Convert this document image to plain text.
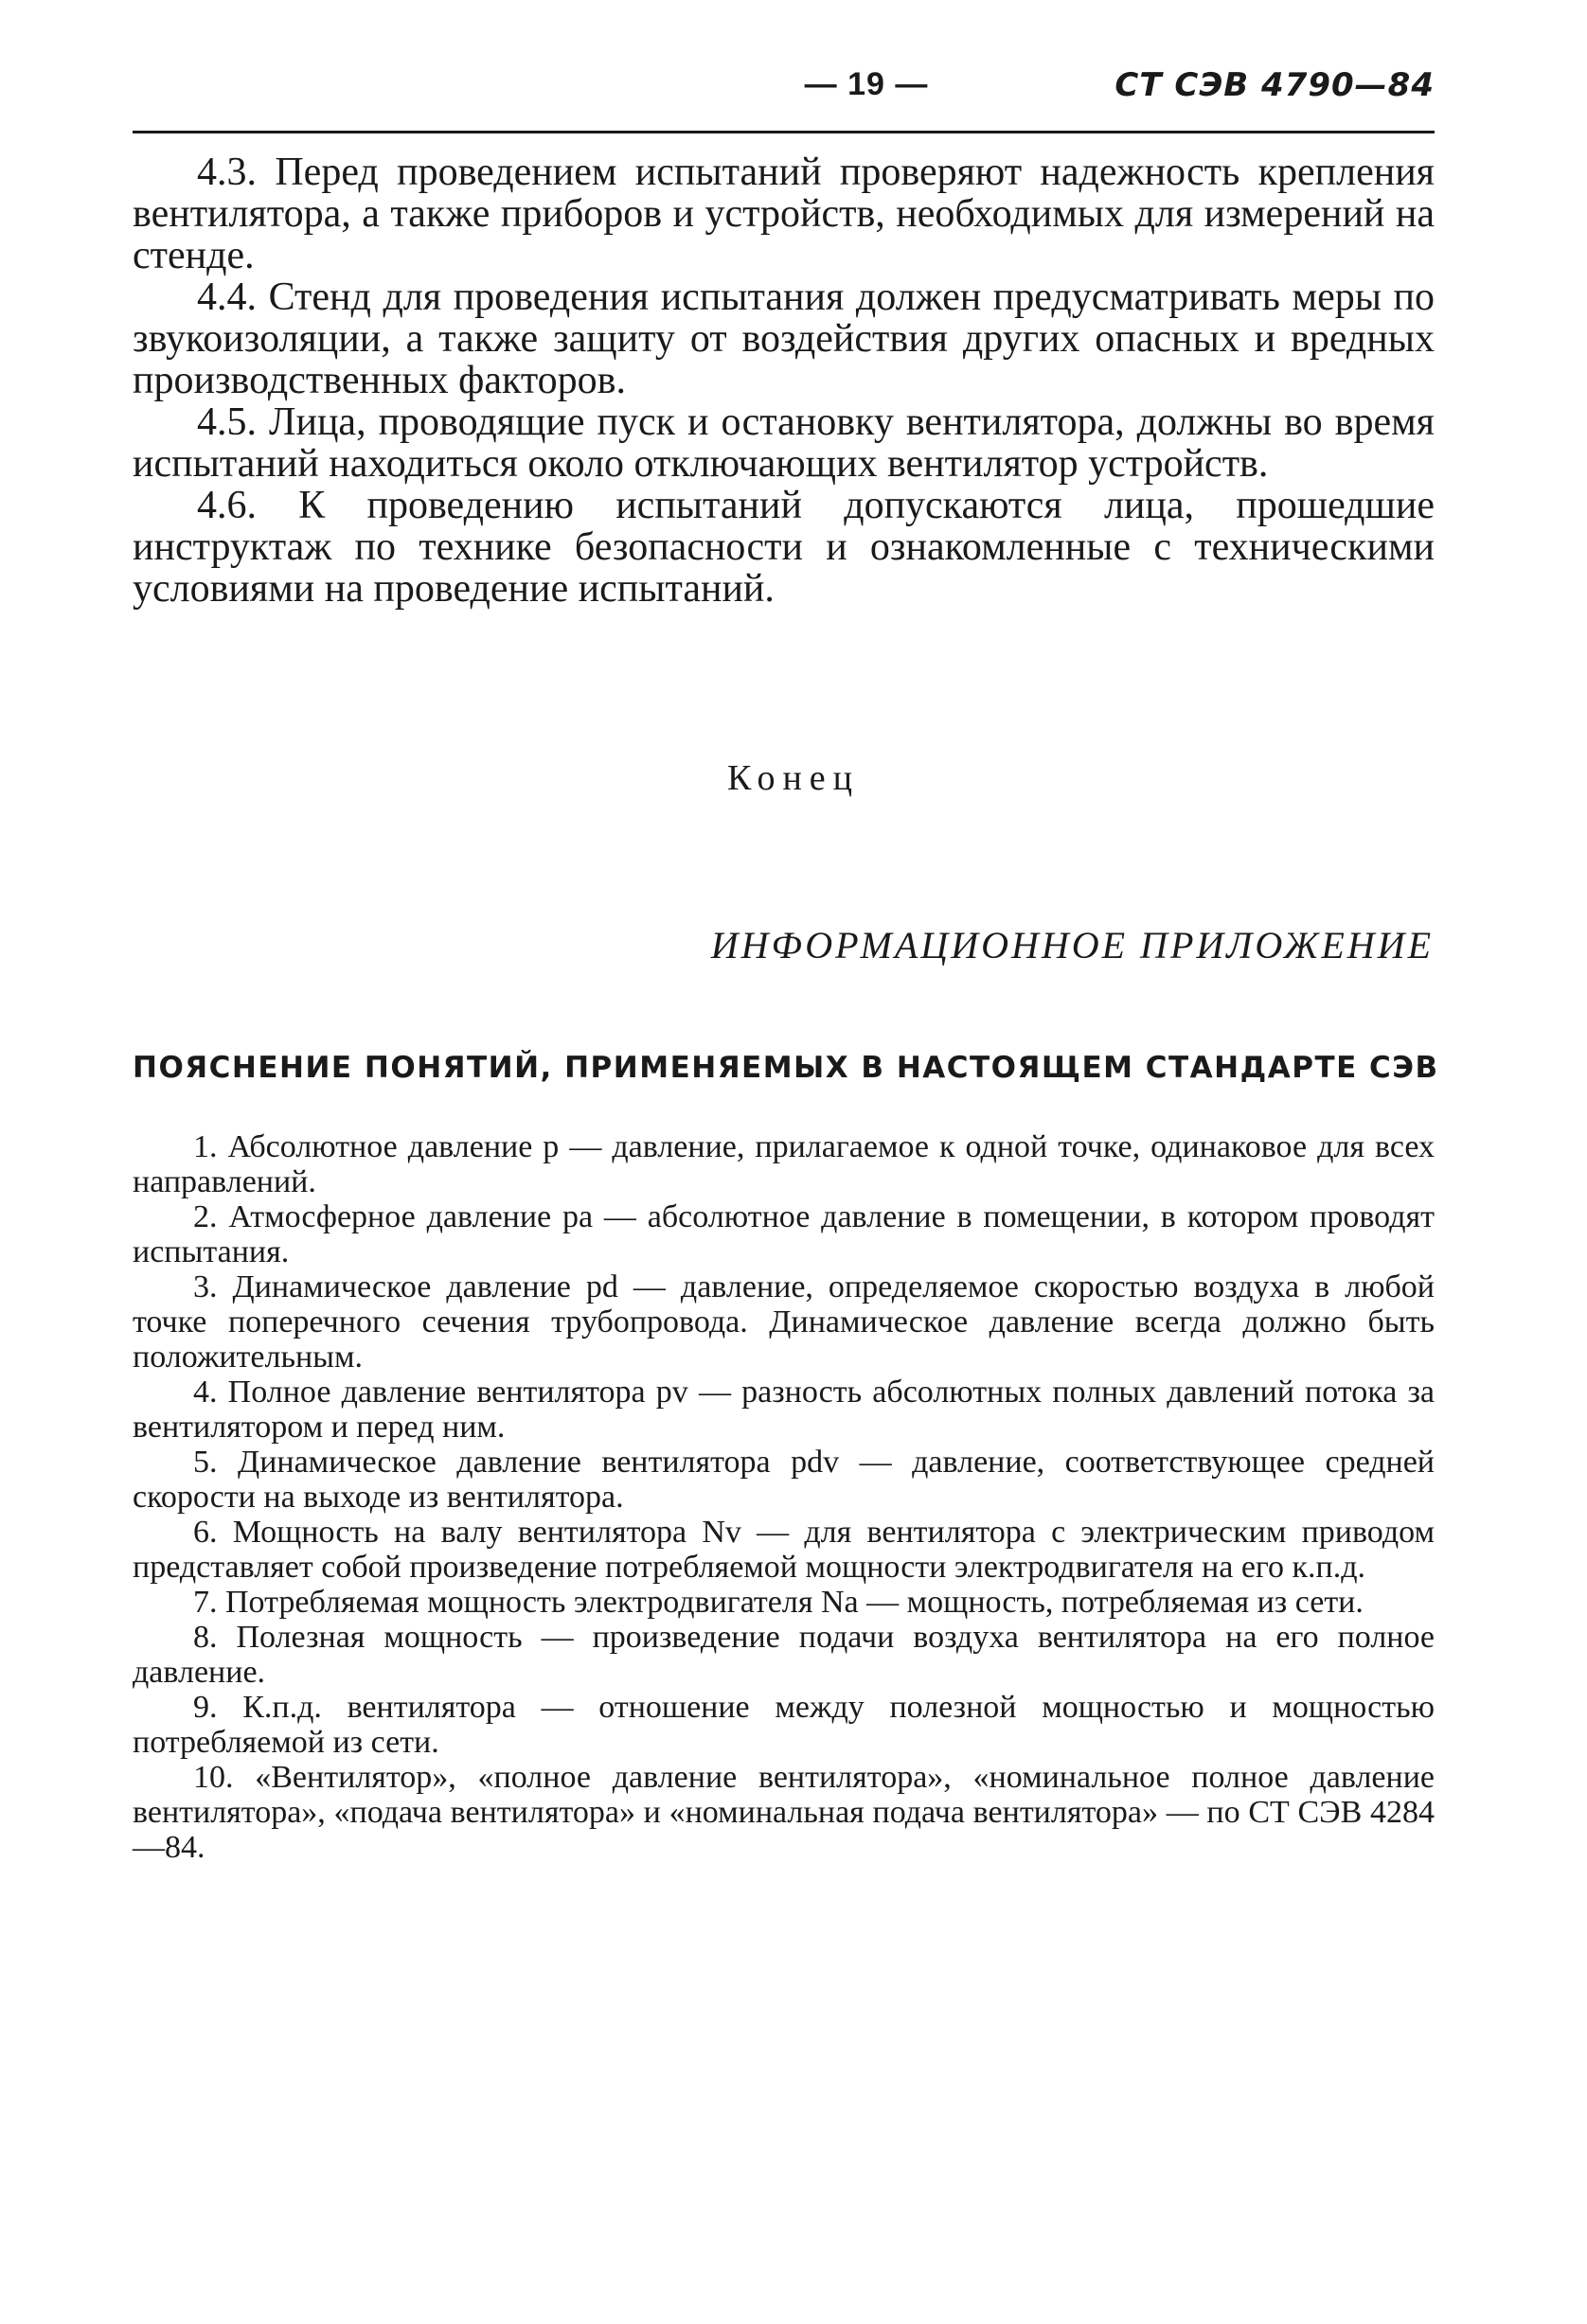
— 19 —	СТ СЭВ 4790—84

4.3. Перед проведением испытаний проверяют надежность крепления вентилятора, а также приборов и устройств, необходимых для измерений на стенде.

4.4. Стенд для проведения испытания должен предусматривать меры по звукоизоляции, а также защиту от воздействия других опасных и вредных производственных факторов.

4.5. Лица, проводящие пуск и остановку вентилятора, должны во время испытаний находиться около отключающих вентилятор устройств.

4.6. К проведению испытаний допускаются лица, прошедшие инструктаж по технике безопасности и ознакомленные с техническими условиями на проведение испытаний.

Конец
ИНФОРМАЦИОННОЕ ПРИЛОЖЕНИЕ
ПОЯСНЕНИЕ ПОНЯТИЙ, ПРИМЕНЯЕМЫХ В НАСТОЯЩЕМ СТАНДАРТЕ СЭВ

1. Абсолютное давление p — давление, прилагаемое к одной точке, одинаковое для всех направлений.

2. Атмосферное давление pa — абсолютное давление в помещении, в котором проводят испытания.

3. Динамическое давление pd — давление, определяемое скоростью воздуха в любой точке поперечного сечения трубопровода. Динамическое давление всегда должно быть положительным.

4. Полное давление вентилятора pv — разность абсолютных полных давлений потока за вентилятором и перед ним.

5. Динамическое давление вентилятора pdv — давление, соответствующее средней скорости на выходе из вентилятора.

6. Мощность на валу вентилятора Nv — для вентилятора с электрическим приводом представляет собой произведение потребляемой мощности электродвигателя на его к.п.д.

7. Потребляемая мощность электродвигателя Na — мощность, потребляемая из сети.

8. Полезная мощность — произведение подачи воздуха вентилятора на его полное давление.

9. К.п.д. вентилятора — отношение между полезной мощностью и мощностью потребляемой из сети.

10. «Вентилятор», «полное давление вентилятора», «номинальное полное давление вентилятора», «подача вентилятора» и «номинальная подача вентилятора» — по СТ СЭВ 4284—84.
